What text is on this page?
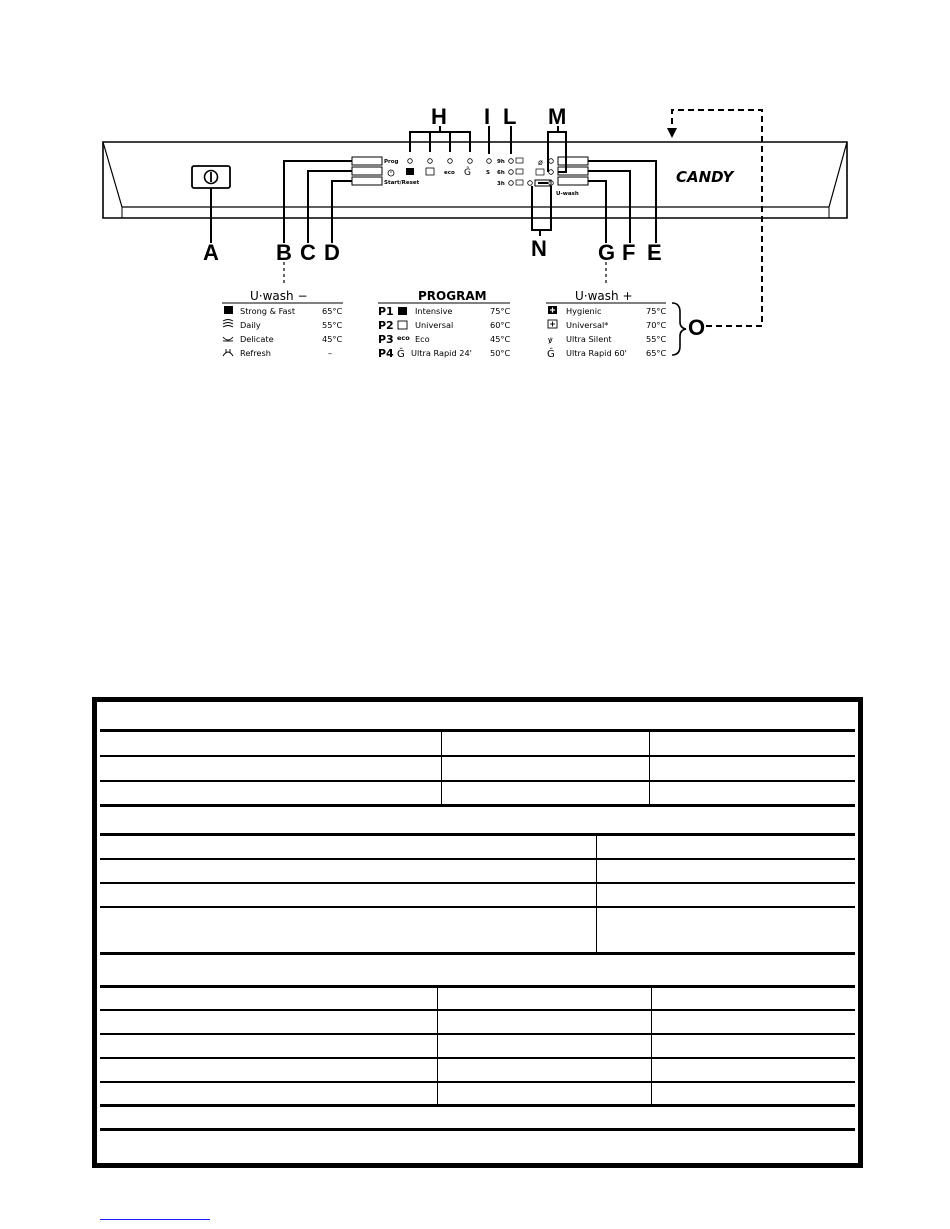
Prog
Start/Reset
eco Ĝ	S
9h
6h
3h
ø
U-wash
CANDY
A	B C D
H I L M
N G F E
O
U·wash −
Strong & Fast	65°C
Daily	55°C
Delicate	45°C
Refresh	–
PROGRAM
P1	Intensive	75°C
P2	Universal	60°C
P3 eco Eco	45°C
P4 Ĝ Ultra Rapid 24' 50°C
U·wash +
Hygienic	75°C
Universal*	70°C
ꝟ Ultra Silent	55°C
Ĝ Ultra Rapid 60' 65°C
